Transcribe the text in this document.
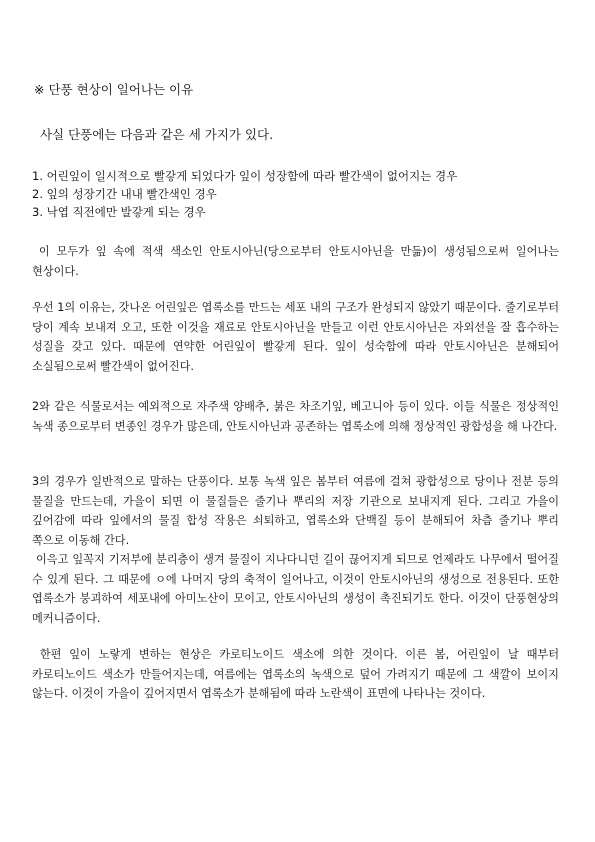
※ 단풍 현상이 일어나는 이유
사실 단풍에는 다음과 같은 세 가지가 있다.
1. 어린잎이 일시적으로 빨갛게 되었다가 잎이 성장함에 따라 빨간색이 없어지는 경우
2. 잎의 성장기간 내내 빨간색인 경우
3. 낙엽 직전에만 발갛게 되는 경우
이 모두가 잎 속에 적색 색소인 안토시아닌(당으로부터 안토시아닌을 만듦)이 생성됨으로써 일어나는 현상이다.
우선 1의 이유는, 갓나온 어린잎은 엽록소를 만드는 세포 내의 구조가 완성되지 않았기 때문이다. 줄기로부터 당이 계속 보내져 오고, 또한 이것을 재료로 안토시아닌을 만들고 이런 안토시아닌은 자외선을 잘 흡수하는 성질을 갖고 있다. 때문에 연약한 어린잎이 빨갛게 된다. 잎이 성숙함에 따라 안토시아닌은 분해되어 소실됨으로써 빨간색이 없어진다.
2와 같은 식물로서는 예외적으로 자주색 양배추, 붉은 차조기잎, 베고니아 등이 있다. 이들 식물은 정상적인 녹색 종으로부터 변종인 경우가 많은데, 안토시아닌과 공존하는 엽록소에 의해 정상적인 광합성을 해 나간다.
3의 경우가 일반적으로 말하는 단풍이다. 보통 녹색 잎은 봄부터 여름에 걸쳐 광합성으로 당이나 전분 등의 물질을 만드는데, 가을이 되면 이 물질들은 줄기나 뿌리의 저장 기관으로 보내지게 된다. 그리고 가을이 깊어감에 따라 잎에서의 물질 합성 작용은 쇠퇴하고, 엽록소와 단백질 등이 분해되어 차츰 줄기나 뿌리 쪽으로 이동해 간다.
이윽고 잎꼭지 기저부에 분리층이 생겨 물질이 지나다니던 길이 끊어지게 되므로 언제라도 나무에서 떨어질 수 있게 된다. 그 때문에 ㅇ에 나머지 당의 축적이 일어나고, 이것이 안토시아닌의 생성으로 전용된다. 또한 엽록소가 붕괴하여 세포내에 아미노산이 모이고, 안토시아닌의 생성이 촉진되기도 한다. 이것이 단풍현상의 메커니즘이다.
한편 잎이 노랗게 변하는 현상은 카로티노이드 색소에 의한 것이다. 이른 봄, 어린잎이 날 때부터 카로티노이드 색소가 만들어지는데, 여름에는 엽록소의 녹색으로 덮어 가려지기 때문에 그 색깔이 보이지 않는다. 이것이 가을이 깊어지면서 엽록소가 분해됨에 따라 노란색이 표면에 나타나는 것이다.
